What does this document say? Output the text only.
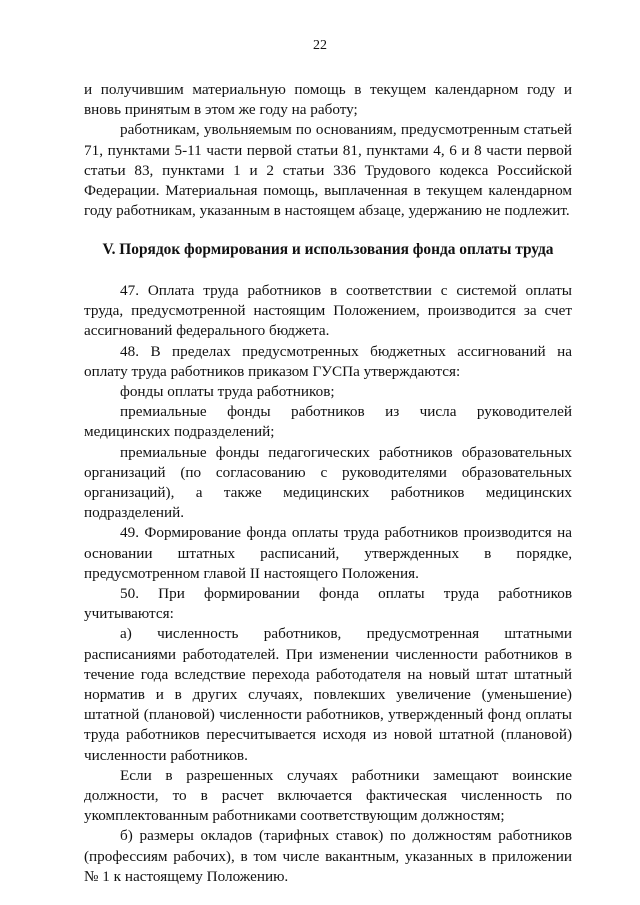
22

и получившим материальную помощь в текущем календарном году и вновь принятым в этом же году на работу;

работникам, увольняемым по основаниям, предусмотренным статьей 71, пунктами 5-11 части первой статьи 81, пунктами 4, 6 и 8 части первой статьи 83, пунктами 1 и 2 статьи 336 Трудового кодекса Российской Федерации. Материальная помощь, выплаченная в текущем календарном году работникам, указанным в настоящем абзаце, удержанию не подлежит.

V. Порядок формирования и использования фонда оплаты труда

47. Оплата труда работников в соответствии с системой оплаты труда, предусмотренной настоящим Положением, производится за счет ассигнований федерального бюджета.

48. В пределах предусмотренных бюджетных ассигнований на оплату труда работников приказом ГУСПа утверждаются:

фонды оплаты труда работников;

премиальные фонды работников из числа руководителей медицинских подразделений;

премиальные фонды педагогических работников образовательных организаций (по согласованию с руководителями образовательных организаций), а также медицинских работников медицинских подразделений.

49. Формирование фонда оплаты труда работников производится на основании штатных расписаний, утвержденных в порядке, предусмотренном главой II настоящего Положения.

50. При формировании фонда оплаты труда работников учитываются:

а) численность работников, предусмотренная штатными расписаниями работодателей. При изменении численности работников в течение года вследствие перехода работодателя на новый штат штатный норматив и в других случаях, повлекших увеличение (уменьшение) штатной (плановой) численности работников, утвержденный фонд оплаты труда работников пересчитывается исходя из новой штатной (плановой) численности работников.

Если в разрешенных случаях работники замещают воинские должности, то в расчет включается фактическая численность по укомплектованным работниками соответствующим должностям;

б) размеры окладов (тарифных ставок) по должностям работников (профессиям рабочих), в том числе вакантным, указанных в приложении № 1 к настоящему Положению.
